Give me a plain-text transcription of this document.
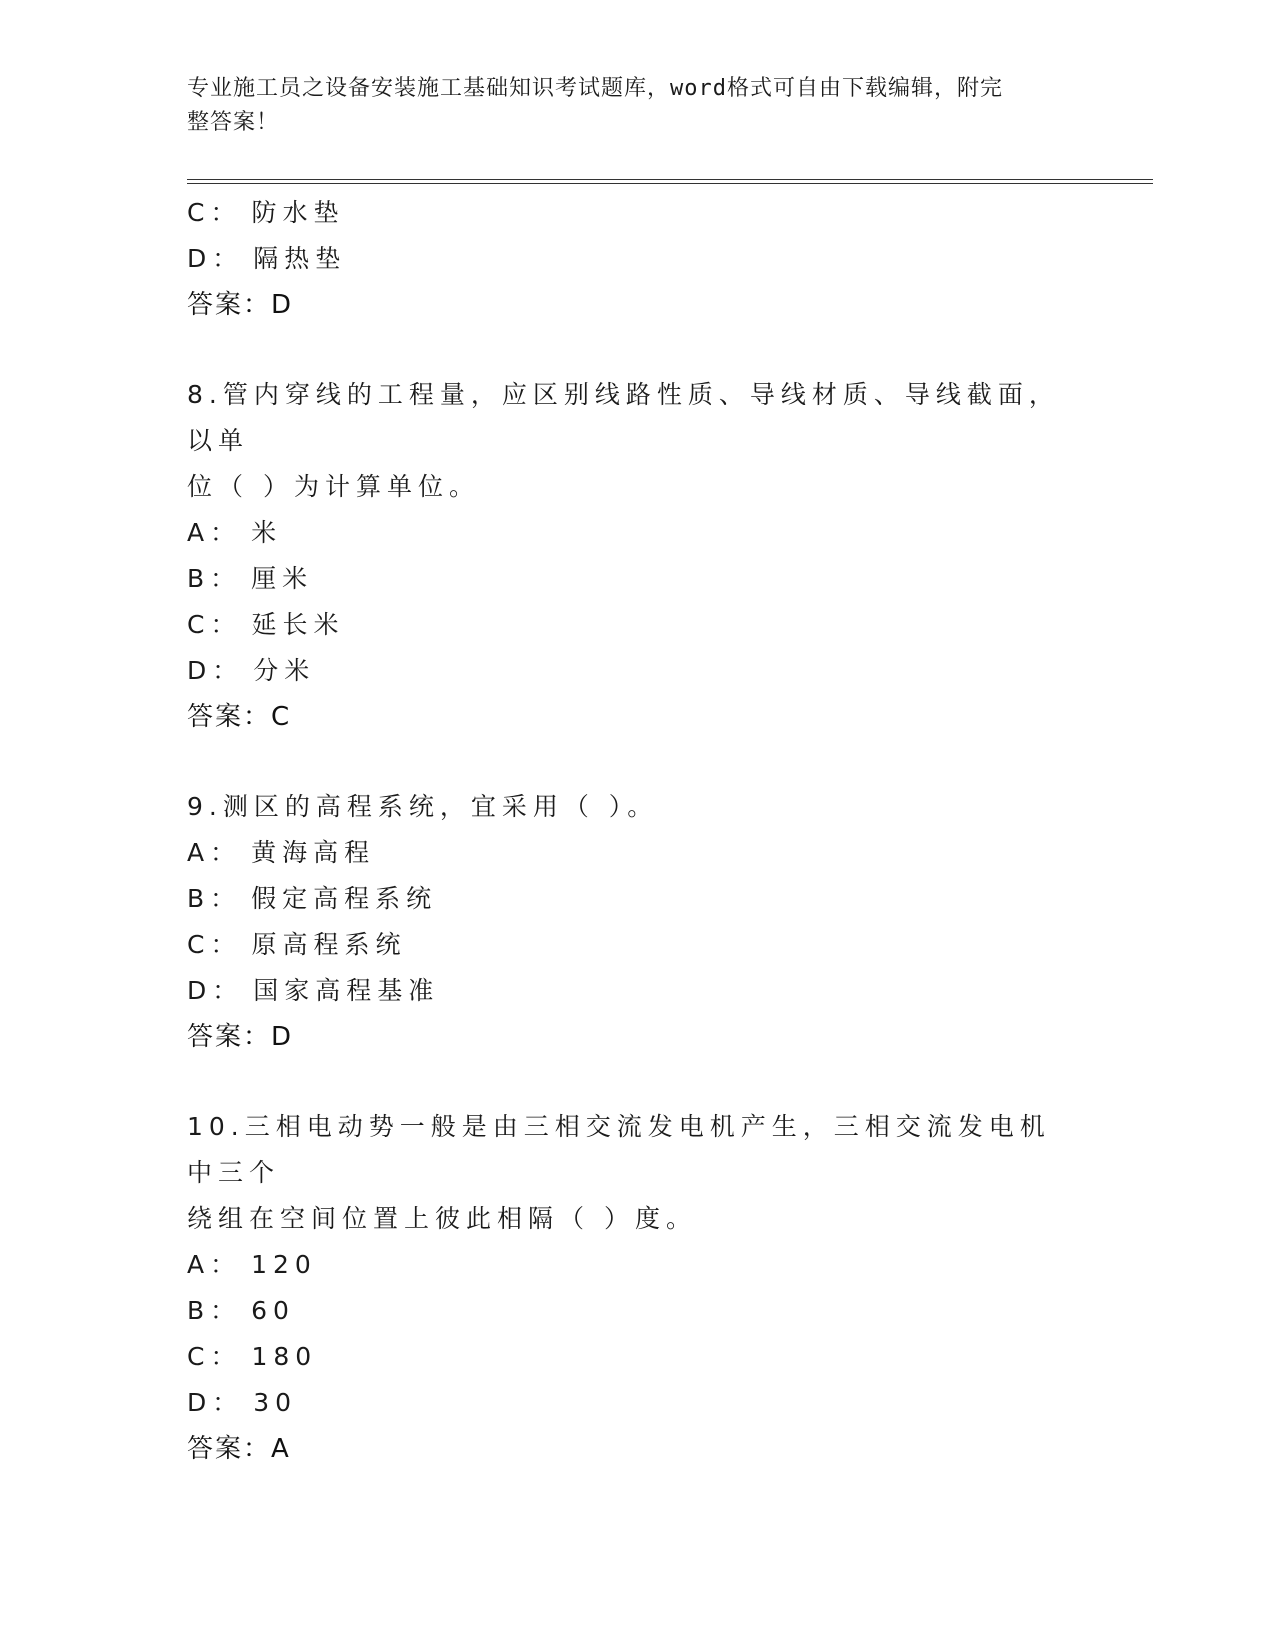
专业施工员之设备安装施工基础知识考试题库，word格式可自由下载编辑，附完
整答案！
C： 防水垫
D： 隔热垫
答案：D
8.管内穿线的工程量，应区别线路性质、导线材质、导线截面，以单
位（ ）为计算单位。
A： 米
B： 厘米
C： 延长米
D： 分米
答案：C
9.测区的高程系统，宜采用（ ）。
A： 黄海高程
B： 假定高程系统
C： 原高程系统
D： 国家高程基准
答案：D
10.三相电动势一般是由三相交流发电机产生，三相交流发电机中三个
绕组在空间位置上彼此相隔（ ）度。
A： 120
B： 60
C： 180
D： 30
答案：A
